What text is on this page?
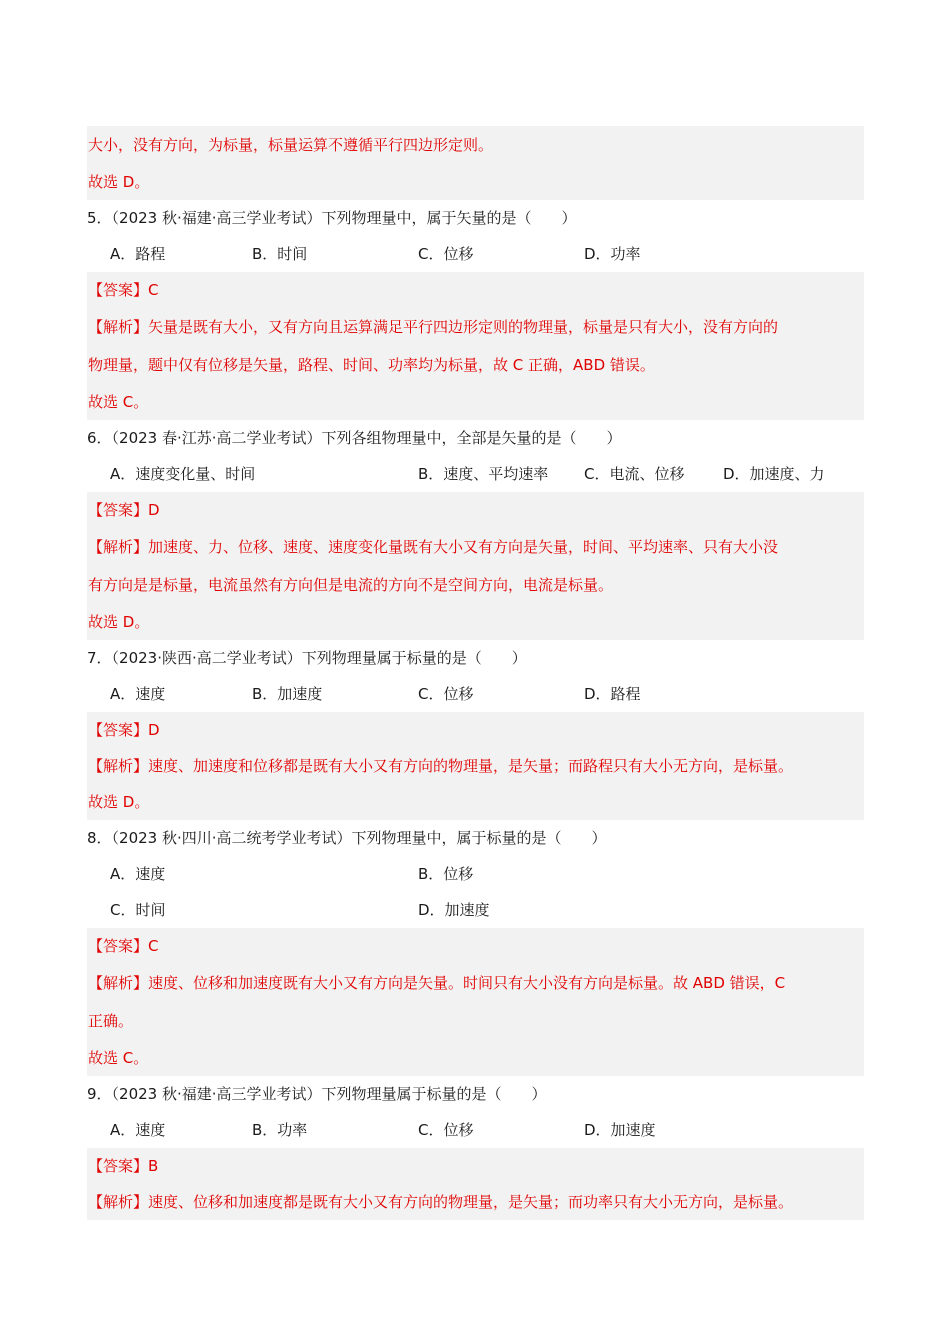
大小，没有方向，为标量，标量运算不遵循平行四边形定则。
故选 D。
5．（2023 秋·福建·高三学业考试）下列物理量中，属于矢量的是（　　）
A．路程	B．时间	C．位移	D．功率
【答案】C
【解析】矢量是既有大小，又有方向且运算满足平行四边形定则的物理量，标量是只有大小，没有方向的
物理量，题中仅有位移是矢量，路程、时间、功率均为标量，故 C 正确，ABD 错误。
故选 C。
6．（2023 春·江苏·高二学业考试）下列各组物理量中，全部是矢量的是（　　）
A．速度变化量、时间	B．速度、平均速率 C．电流、位移	D．加速度、力
【答案】D
【解析】加速度、力、位移、速度、速度变化量既有大小又有方向是矢量，时间、平均速率、只有大小没
有方向是是标量，电流虽然有方向但是电流的方向不是空间方向，电流是标量。
故选 D。
7．（2023·陕西·高二学业考试）下列物理量属于标量的是（　　）
A．速度	B．加速度	C．位移	D．路程
【答案】D
【解析】速度、加速度和位移都是既有大小又有方向的物理量，是矢量；而路程只有大小无方向，是标量。
故选 D。
8．（2023 秋·四川·高二统考学业考试）下列物理量中，属于标量的是（　　）
A．速度	B．位移
C．时间	D．加速度
【答案】C
【解析】速度、位移和加速度既有大小又有方向是矢量。时间只有大小没有方向是标量。故 ABD 错误，C
正确。
故选 C。
9．（2023 秋·福建·高三学业考试）下列物理量属于标量的是（　　）
A．速度	B．功率	C．位移	D．加速度
【答案】B
【解析】速度、位移和加速度都是既有大小又有方向的物理量，是矢量；而功率只有大小无方向，是标量。
